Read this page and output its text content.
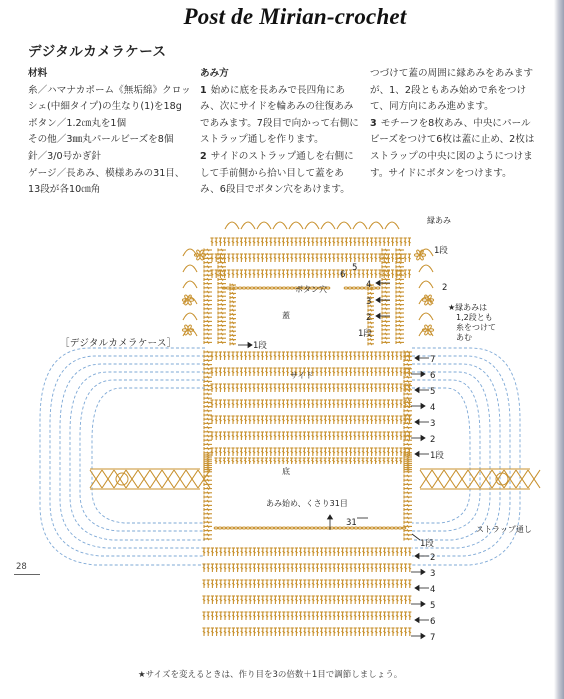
Post de Mirian-crochet
デジタルカメラケース
材料

糸／ハマナカポーム《無垢綿》クロッ

シェ(中細タイプ)の生なり(1)を18g

ボタン／1.2㎝丸を1個

その他／3㎜丸パールビーズを8個

針／3/0号かぎ針

ゲージ／長あみ、模様あみの31目、

13段が各10㎝角

あみ方

1 始めに底を長あみで長四角にあみ、次にサイドを輪あみの往復あみであみます。7段目で向かって右側にストラップ通しを作ります。

2 サイドのストラップ通しを右側にして手前側から拾い目して蓋をあみ、6段目でボタン穴をあけます。

つづけて蓋の周囲に縁あみをあみます が、1、2段ともあみ始めで糸をつけて、同方向にあみ進めます。

3 モチーフを8枚あみ、中央にパールビーズをつけて6枚は蓋に止め、2枚はストラップの中央に図のようにつけます。サイドにボタンをつけます。

［デジタルカメラケース］
縁あみ
ボタン穴
蓋
サイド
底
あみ始め、くさり31目
ストラップ通し
★縁あみは
1,2段とも
糸をつけて
あむ
1段
1段
1段
1段
6
5
4
3
2
2
31
7
6
5
4
3
2
1段
2
3
4
5
6
7
28
★サイズを変えるときは、作り目を3の倍数＋1目で調節しましょう。
